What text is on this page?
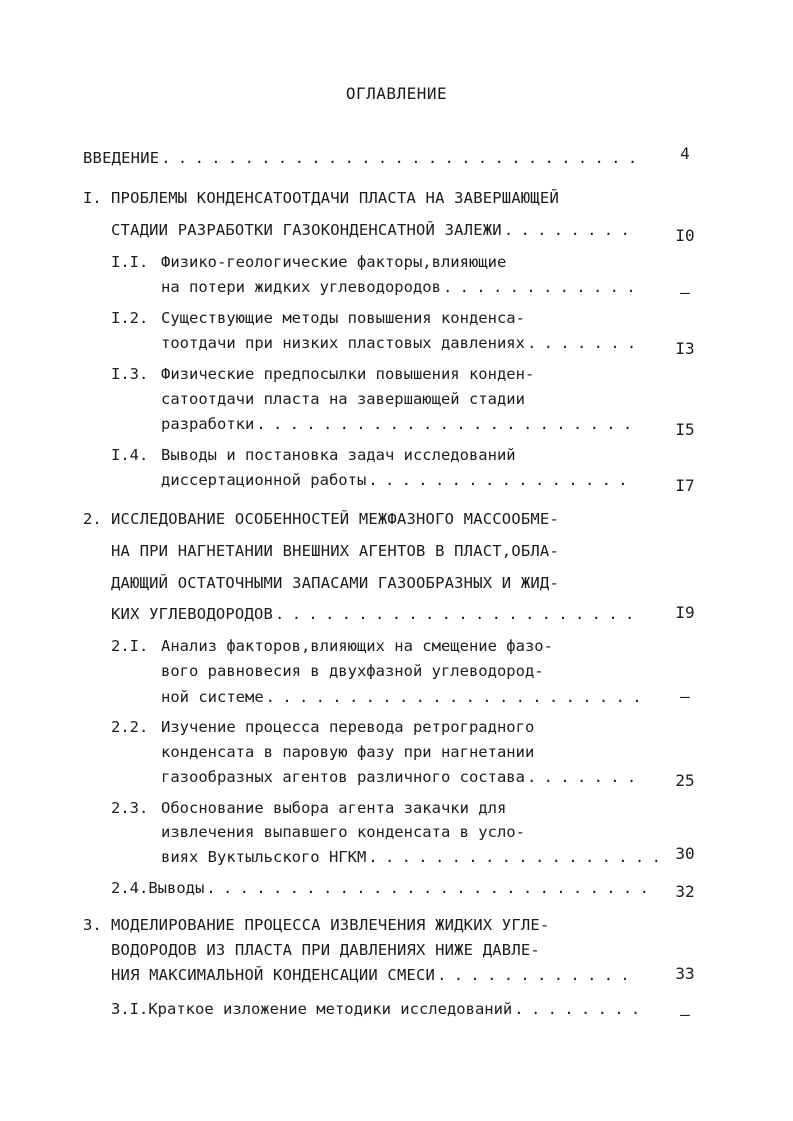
ОГЛАВЛЕНИЕ
ВВЕДЕНИЕ . . .	4
I. ПРОБЛЕМЫ КОНДЕНСАТООТДАЧИ ПЛАСТА НА ЗАВЕРШАЮЩЕЙ
СТАДИИ РАЗРАБОТКИ ГАЗОКОНДЕНСАТНОЙ ЗАЛЕЖИ . . .	I0
I.I. Физико-геологические факторы,влияющие
на потери жидких углеводородов . . .	–
I.2. Существующие методы повышения конденса-
тоотдачи при низких пластовых давлениях . . .	I3
I.3. Физические предпосылки повышения конден-
сатоотдачи пласта на завершающей стадии
разработки . . .	I5
I.4. Выводы и постановка задач исследований
диссертационной работы . . .	I7
2. ИССЛЕДОВАНИЕ ОСОБЕННОСТЕЙ МЕЖФАЗНОГО МАССООБМЕ-
НА ПРИ НАГНЕТАНИИ ВНЕШНИХ АГЕНТОВ В ПЛАСТ,ОБЛА-
ДАЮЩИЙ ОСТАТОЧНЫМИ ЗАПАСАМИ ГАЗООБРАЗНЫХ И ЖИД-
КИХ УГЛЕВОДОРОДОВ . . .	I9
2.I. Анализ факторов,влияющих на смещение фазо-
вого равновесия в двухфазной углеводород-
ной системе . . .	–
2.2. Изучение процесса перевода ретроградного
конденсата в паровую фазу при нагнетании
газообразных агентов различного состава . . .	25
2.3. Обоснование выбора агента закачки для
извлечения выпавшего конденсата в усло-
виях Вуктыльского НГКМ . . .	30
2.4. Выводы . . .	32
3. МОДЕЛИРОВАНИЕ ПРОЦЕССА ИЗВЛЕЧЕНИЯ ЖИДКИХ УГЛЕ-
ВОДОРОДОВ ИЗ ПЛАСТА ПРИ ДАВЛЕНИЯХ НИЖЕ ДАВЛЕ-
НИЯ МАКСИМАЛЬНОЙ КОНДЕНСАЦИИ СМЕСИ . . .	33
3.I. Краткое изложение методики исследований . . .	–
